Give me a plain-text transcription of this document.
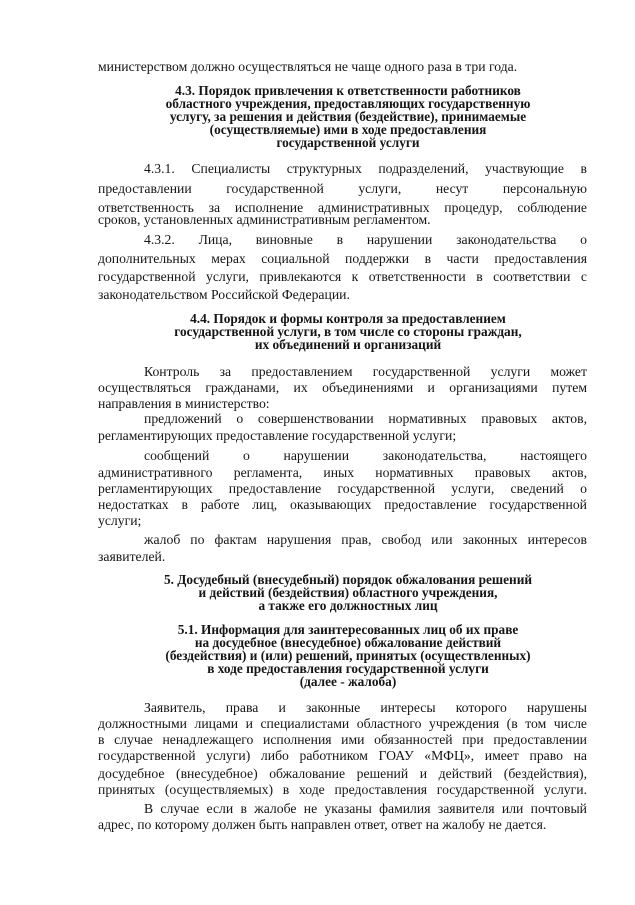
министерством должно осуществляться не чаще одного раза в три года.
4.3. Порядок привлечения к ответственности работников
областного учреждения, предоставляющих государственную
услугу, за решения и действия (бездействие), принимаемые
(осуществляемые) ими в ходе предоставления
государственной услуги
4.3.1. Специалисты структурных подразделений, участвующие в
предоставлении государственной услуги, несут персональную
ответственность за исполнение административных процедур, соблюдение
сроков, установленных административным регламентом.
4.3.2. Лица, виновные в нарушении законодательства о
дополнительных мерах социальной поддержки в части предоставления
государственной услуги, привлекаются к ответственности в соответствии с
законодательством Российской Федерации.
4.4. Порядок и формы контроля за предоставлением
государственной услуги, в том числе со стороны граждан,
их объединений и организаций
Контроль за предоставлением государственной услуги может
осуществляться гражданами, их объединениями и организациями путем
направления в министерство:
предложений о совершенствовании нормативных правовых актов,
регламентирующих предоставление государственной услуги;
сообщений о нарушении законодательства, настоящего
административного регламента, иных нормативных правовых актов,
регламентирующих предоставление государственной услуги, сведений о
недостатках в работе лиц, оказывающих предоставление государственной
услуги;
жалоб по фактам нарушения прав, свобод или законных интересов
заявителей.
5. Досудебный (внесудебный) порядок обжалования решений
и действий (бездействия) областного учреждения,
а также его должностных лиц
5.1. Информация для заинтересованных лиц об их праве
на досудебное (внесудебное) обжалование действий
(бездействия) и (или) решений, принятых (осуществленных)
в ходе предоставления государственной услуги
(далее - жалоба)
Заявитель, права и законные интересы которого нарушены
должностными лицами и специалистами областного учреждения (в том числе
в случае ненадлежащего исполнения ими обязанностей при предоставлении
государственной услуги) либо работником ГОАУ «МФЦ», имеет право на
досудебное (внесудебное) обжалование решений и действий (бездействия),
принятых (осуществляемых) в ходе предоставления государственной услуги.
В случае если в жалобе не указаны фамилия заявителя или почтовый
адрес, по которому должен быть направлен ответ, ответ на жалобу не дается.
